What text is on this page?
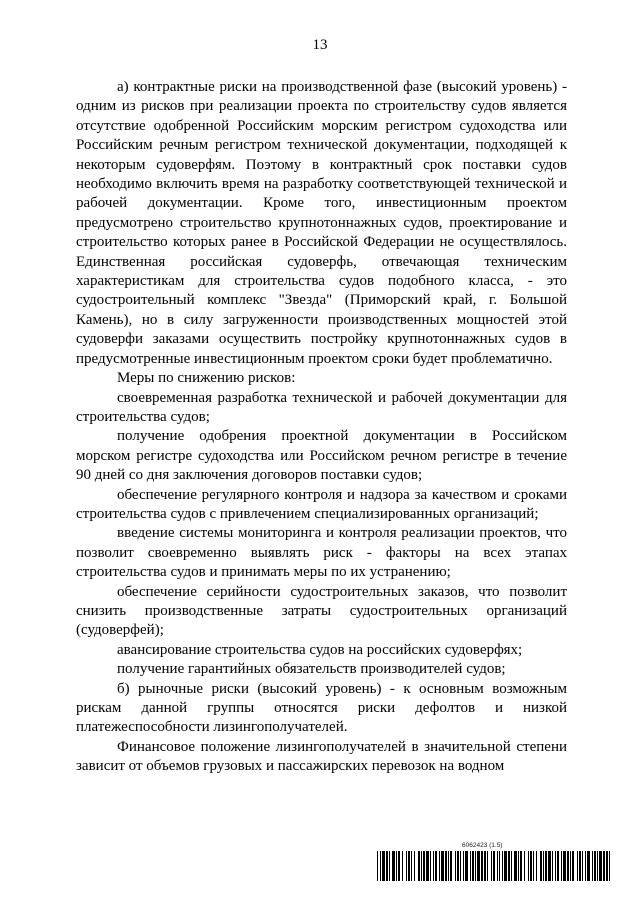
13

а) контрактные риски на производственной фазе (высокий уровень) - одним из рисков при реализации проекта по строительству судов является отсутствие одобренной Российским морским регистром судоходства или Российским речным регистром технической документации, подходящей к некоторым судоверфям. Поэтому в контрактный срок поставки судов необходимо включить время на разработку соответствующей технической и рабочей документации. Кроме того, инвестиционным проектом предусмотрено строительство крупнотоннажных судов, проектирование и строительство которых ранее в Российской Федерации не осуществлялось. Единственная российская судоверфь, отвечающая техническим характеристикам для строительства судов подобного класса, - это судостроительный комплекс "Звезда" (Приморский край, г. Большой Камень), но в силу загруженности производственных мощностей этой судоверфи заказами осуществить постройку крупнотоннажных судов в предусмотренные инвестиционным проектом сроки будет проблематично.

Меры по снижению рисков:

своевременная разработка технической и рабочей документации для строительства судов;

получение одобрения проектной документации в Российском морском регистре судоходства или Российском речном регистре в течение 90 дней со дня заключения договоров поставки судов;

обеспечение регулярного контроля и надзора за качеством и сроками строительства судов с привлечением специализированных организаций;

введение системы мониторинга и контроля реализации проектов, что позволит своевременно выявлять риск - факторы на всех этапах строительства судов и принимать меры по их устранению;

обеспечение серийности судостроительных заказов, что позволит снизить производственные затраты судостроительных организаций (судоверфей);

авансирование строительства судов на российских судоверфях;

получение гарантийных обязательств производителей судов;

б) рыночные риски (высокий уровень) - к основным возможным рискам данной группы относятся риски дефолтов и низкой платежеспособности лизингополучателей.

Финансовое положение лизингополучателей в значительной степени зависит от объемов грузовых и пассажирских перевозок на водном

6062423 (1.5)
